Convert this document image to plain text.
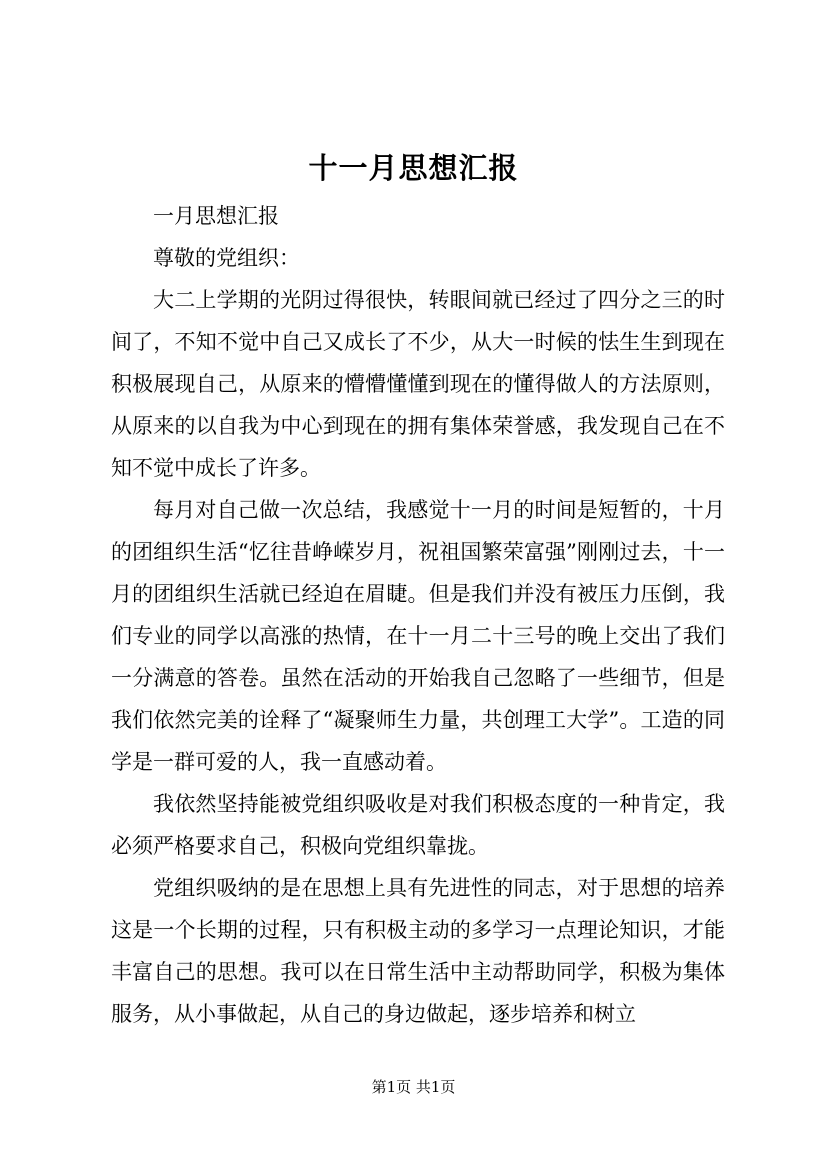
十一月思想汇报

一月思想汇报

尊敬的党组织：

大二上学期的光阴过得很快，转眼间就已经过了四分之三的时间了，不知不觉中自己又成长了不少，从大一时候的怯生生到现在积极展现自己，从原来的懵懵懂懂到现在的懂得做人的方法原则，从原来的以自我为中心到现在的拥有集体荣誉感，我发现自己在不知不觉中成长了许多。

每月对自己做一次总结，我感觉十一月的时间是短暂的，十月的团组织生活“忆往昔峥嵘岁月，祝祖国繁荣富强”刚刚过去，十一月的团组织生活就已经迫在眉睫。但是我们并没有被压力压倒，我们专业的同学以高涨的热情，在十一月二十三号的晚上交出了我们一分满意的答卷。虽然在活动的开始我自己忽略了一些细节，但是我们依然完美的诠释了“凝聚师生力量，共创理工大学”。工造的同学是一群可爱的人，我一直感动着。

我依然坚持能被党组织吸收是对我们积极态度的一种肯定，我必须严格要求自己，积极向党组织靠拢。

党组织吸纳的是在思想上具有先进性的同志，对于思想的培养这是一个长期的过程，只有积极主动的多学习一点理论知识，才能丰富自己的思想。我可以在日常生活中主动帮助同学，积极为集体服务，从小事做起，从自己的身边做起，逐步培养和树立

第1页 共1页
